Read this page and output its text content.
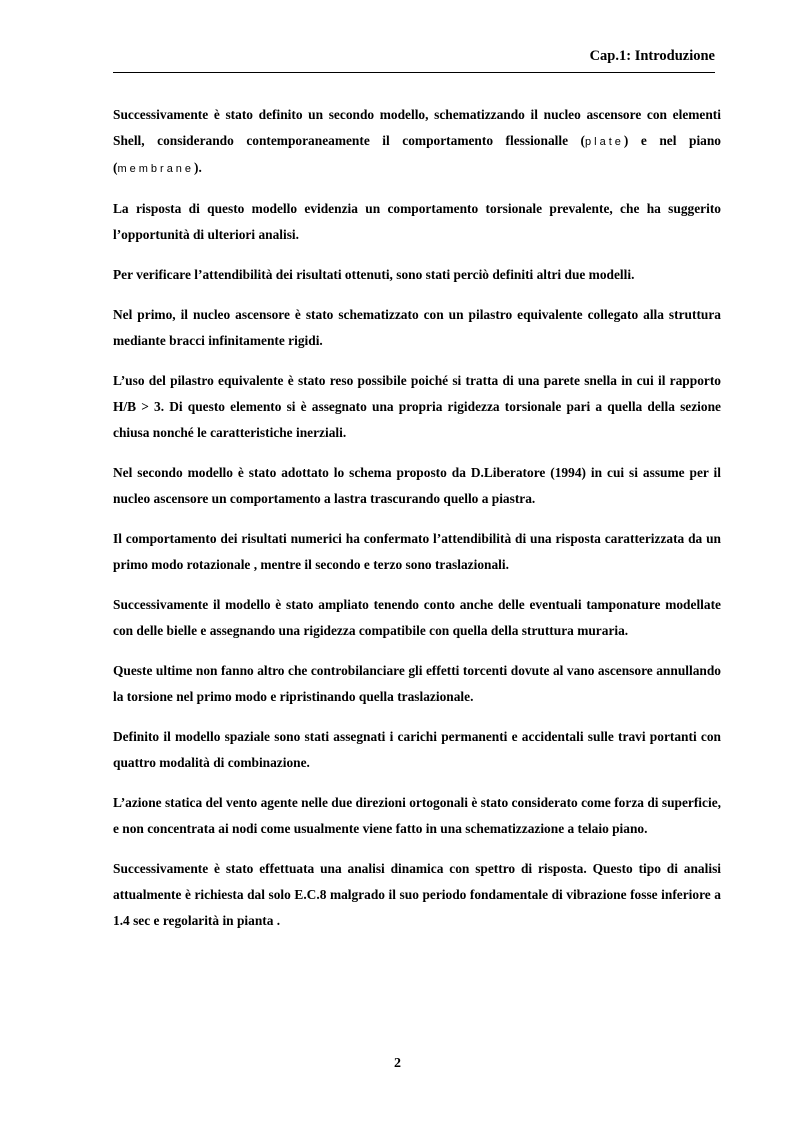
Cap.1: Introduzione

Successivamente è stato definito un secondo modello, schematizzando il nucleo ascensore con elementi Shell, considerando contemporaneamente il comportamento flessionalle (plate) e nel piano (membrane).

La risposta di questo modello evidenzia un comportamento torsionale prevalente, che ha suggerito l’opportunità di ulteriori analisi.

Per verificare l’attendibilità dei risultati ottenuti, sono stati perciò definiti altri due modelli.

Nel primo, il nucleo ascensore è stato schematizzato con un pilastro equivalente collegato alla struttura mediante bracci infinitamente rigidi.

L’uso del pilastro equivalente è stato reso possibile poiché si tratta di una parete snella in cui il rapporto H/B > 3. Di questo elemento si è assegnato una propria rigidezza torsionale pari a quella della sezione chiusa nonché le caratteristiche inerziali.

Nel secondo modello è stato adottato lo schema proposto da D.Liberatore (1994) in cui si assume per il nucleo ascensore un comportamento a lastra trascurando quello a piastra.

Il comportamento dei risultati numerici ha confermato l’attendibilità di una risposta caratterizzata da un primo modo rotazionale , mentre il secondo e terzo sono traslazionali.

Successivamente il modello è stato ampliato tenendo conto anche delle eventuali tamponature modellate con delle bielle e assegnando una rigidezza compatibile con quella della struttura muraria.

Queste ultime non fanno altro che controbilanciare gli effetti torcenti dovute al vano ascensore annullando la torsione nel primo modo e ripristinando quella traslazionale.

Definito il modello spaziale sono stati assegnati i carichi permanenti e accidentali sulle travi portanti con quattro modalità di combinazione.

L’azione statica del vento agente nelle due direzioni ortogonali è stato considerato come forza di superficie, e non concentrata ai nodi come usualmente viene fatto in una schematizzazione a telaio piano.

Successivamente è stato effettuata una analisi dinamica con spettro di risposta. Questo tipo di analisi attualmente è richiesta dal solo E.C.8 malgrado il suo periodo fondamentale di vibrazione fosse inferiore a 1.4 sec e regolarità in pianta .

2
